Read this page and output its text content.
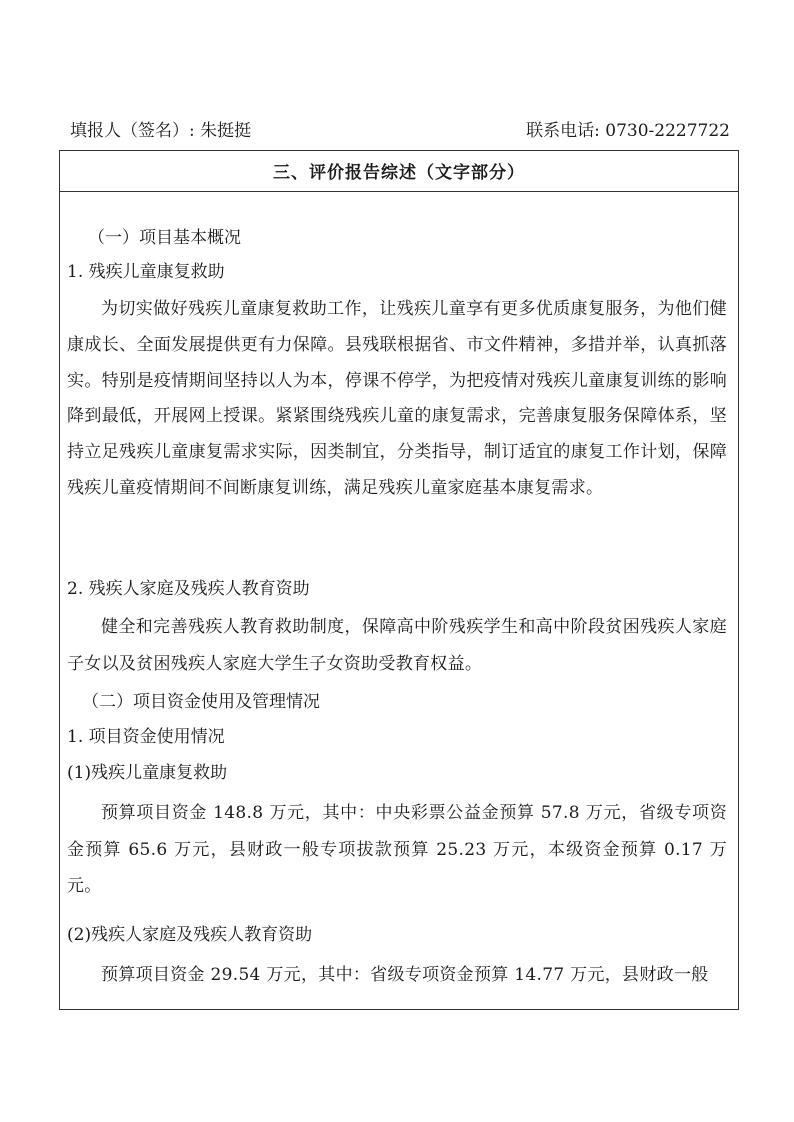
填报人（签名）: 朱挺挺	联系电话: 0730-2227722
三、评价报告综述（文字部分）
（一）项目基本概况
1. 残疾儿童康复救助
为切实做好残疾儿童康复救助工作，让残疾儿童享有更多优质康复服务，为他们健康成长、全面发展提供更有力保障。县残联根据省、市文件精神，多措并举，认真抓落实。特别是疫情期间坚持以人为本，停课不停学，为把疫情对残疾儿童康复训练的影响降到最低，开展网上授课。紧紧围绕残疾儿童的康复需求，完善康复服务保障体系，坚持立足残疾儿童康复需求实际，因类制宜，分类指导，制订适宜的康复工作计划，保障残疾儿童疫情期间不间断康复训练，满足残疾儿童家庭基本康复需求。
2. 残疾人家庭及残疾人教育资助
健全和完善残疾人教育救助制度，保障高中阶残疾学生和高中阶段贫困残疾人家庭子女以及贫困残疾人家庭大学生子女资助受教育权益。
（二）项目资金使用及管理情况
1. 项目资金使用情况
(1)残疾儿童康复救助
预算项目资金 148.8 万元，其中：中央彩票公益金预算 57.8 万元，省级专项资金预算 65.6 万元，县财政一般专项拔款预算 25.23 万元，本级资金预算 0.17 万元。
(2)残疾人家庭及残疾人教育资助
预算项目资金 29.54 万元，其中：省级专项资金预算 14.77 万元，县财政一般
